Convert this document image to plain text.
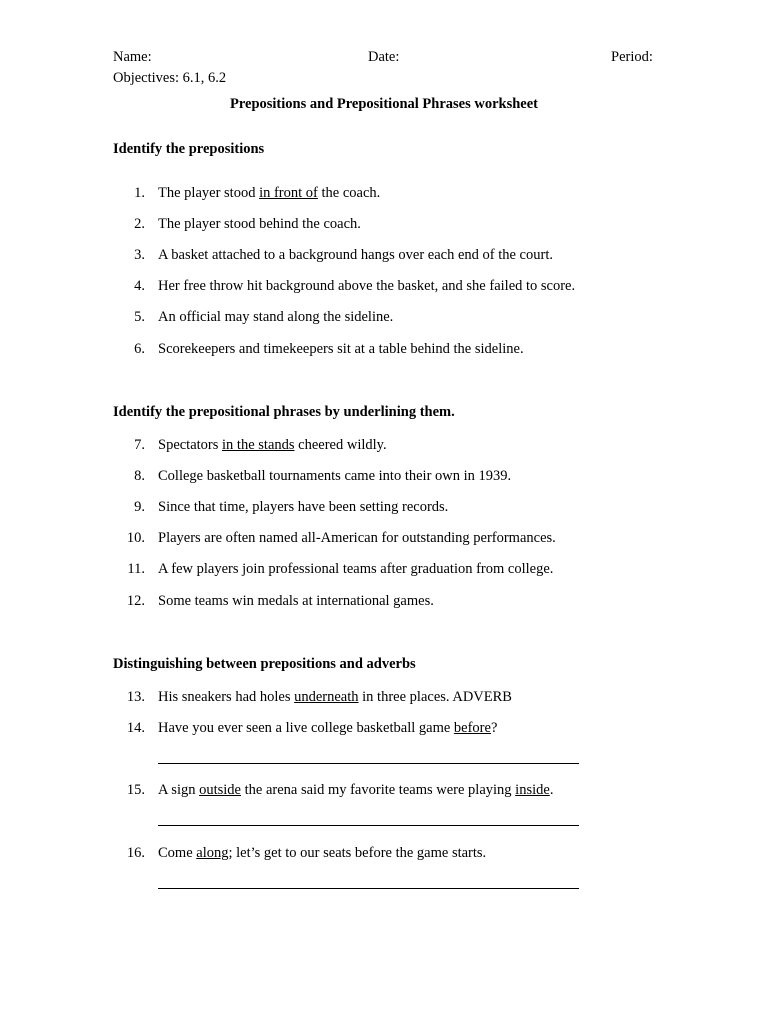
Name:	Date:	Period:
Objectives: 6.1, 6.2
Prepositions and Prepositional Phrases worksheet
Identify the prepositions
Identify the prepositional phrases by underlining them.
Distinguishing between prepositions and adverbs
1. The player stood in front of the coach.
2. The player stood behind the coach.
3. A basket attached to a background hangs over each end of the court.
4. Her free throw hit background above the basket, and she failed to score.
5. An official may stand along the sideline.
6. Scorekeepers and timekeepers sit at a table behind the sideline.
7. Spectators in the stands cheered wildly.
8. College basketball tournaments came into their own in 1939.
9. Since that time, players have been setting records.
10. Players are often named all-American for outstanding performances.
11. A few players join professional teams after graduation from college.
12. Some teams win medals at international games.
13. His sneakers had holes underneath in three places. ADVERB
14. Have you ever seen a live college basketball game before?
15. A sign outside the arena said my favorite teams were playing inside.
16. Come along; let’s get to our seats before the game starts.
